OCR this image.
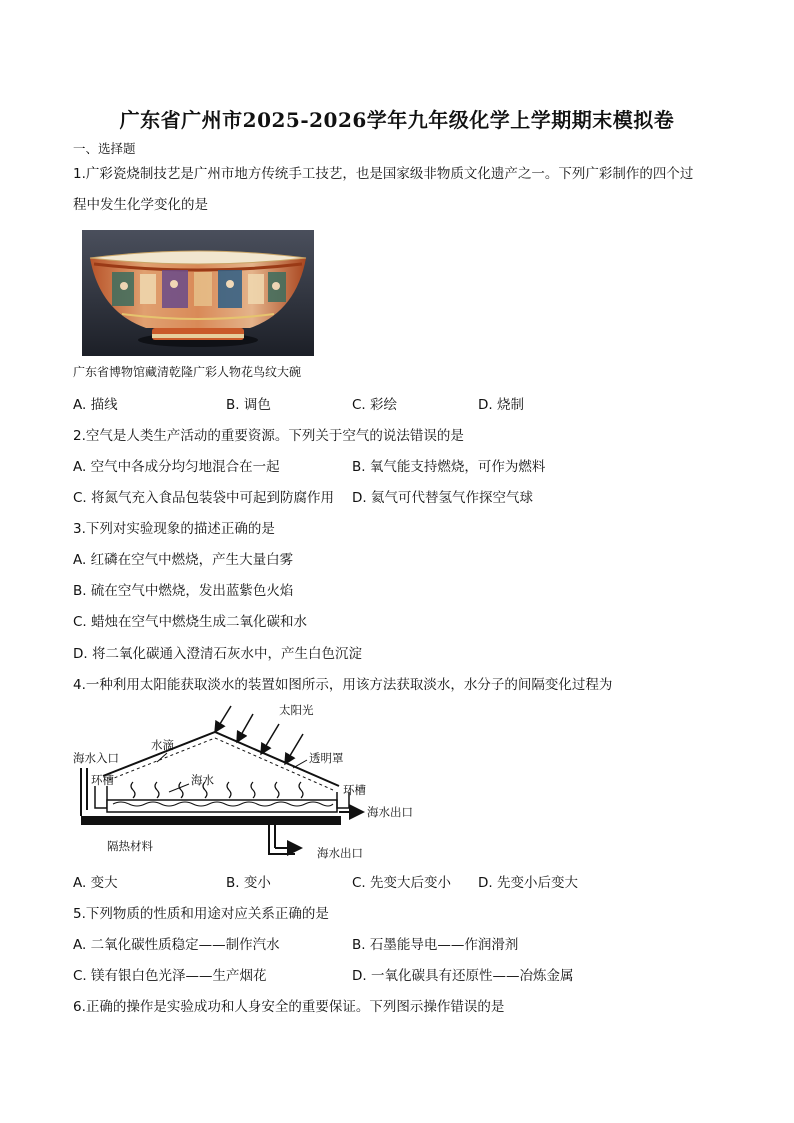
广东省广州市2025-2026学年九年级化学上学期期末模拟卷
一、选择题
1.广彩瓷烧制技艺是广州市地方传统手工技艺，也是国家级非物质文化遗产之一。下列广彩制作的四个过
程中发生化学变化的是
广东省博物馆藏清乾隆广彩人物花鸟纹大碗
A. 描线	B. 调色	C. 彩绘	D. 烧制
2.空气是人类生产活动的重要资源。下列关于空气的说法错误的是
A. 空气中各成分均匀地混合在一起	B. 氧气能支持燃烧，可作为燃料
C. 将氮气充入食品包装袋中可起到防腐作用 D. 氦气可代替氢气作探空气球
3.下列对实验现象的描述正确的是
A. 红磷在空气中燃烧，产生大量白雾
B. 硫在空气中燃烧，发出蓝紫色火焰
C. 蜡烛在空气中燃烧生成二氧化碳和水
D. 将二氧化碳通入澄清石灰水中，产生白色沉淀
4.一种利用太阳能获取淡水的装置如图所示，用该方法获取淡水，水分子的间隔变化过程为
太阳光
水滴
透明罩
海水入口
环槽	海水
环槽
海水出口
隔热材料	海水出口
A. 变大	B. 变小	C. 先变大后变小 D. 先变小后变大
5.下列物质的性质和用途对应关系正确的是
A. 二氧化碳性质稳定——制作汽水	B. 石墨能导电——作润滑剂
C. 镁有银白色光泽——生产烟花	D. 一氧化碳具有还原性——冶炼金属
6.正确的操作是实验成功和人身安全的重要保证。下列图示操作错误的是
